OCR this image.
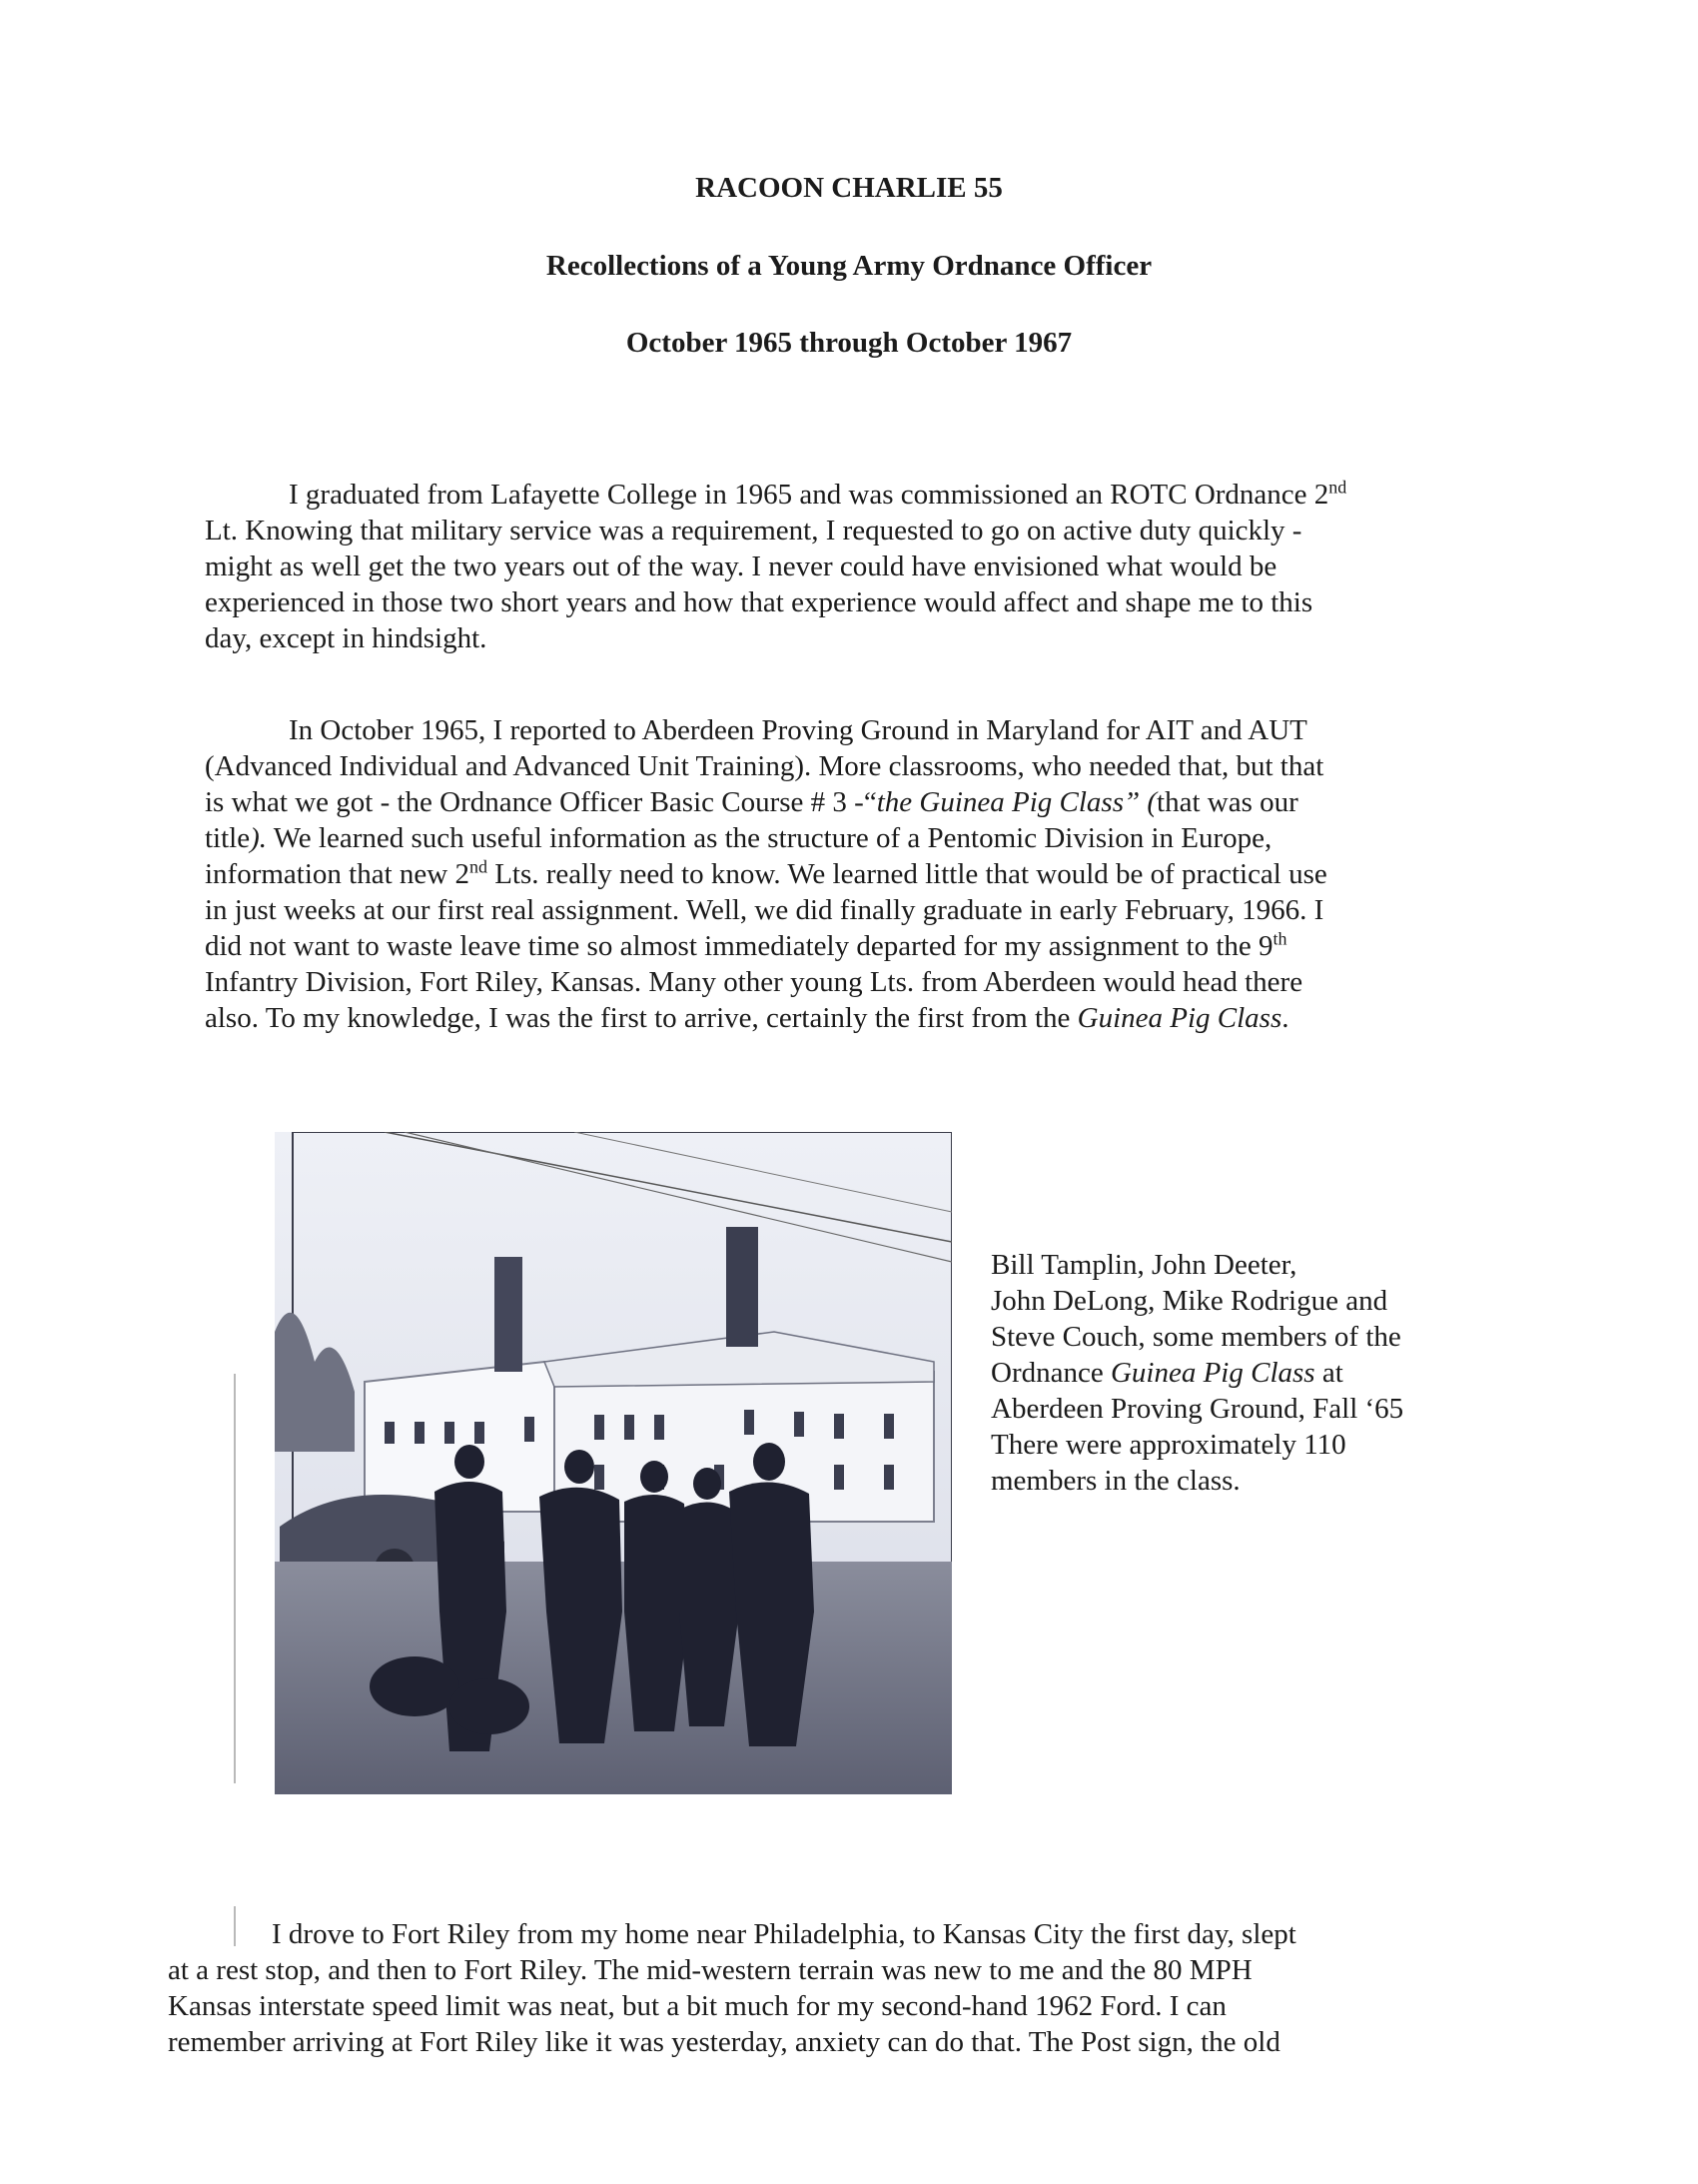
RACOON CHARLIE 55
Recollections of a Young Army Ordnance Officer
October 1965 through October 1967

I graduated from Lafayette College in 1965 and was commissioned an ROTC Ordnance 2nd
Lt. Knowing that military service was a requirement, I requested to go on active duty quickly -
might as well get the two years out of the way. I never could have envisioned what would be
experienced in those two short years and how that experience would affect and shape me to this
day, except in hindsight.

In October 1965, I reported to Aberdeen Proving Ground in Maryland for AIT and AUT
(Advanced Individual and Advanced Unit Training). More classrooms, who needed that, but that
is what we got - the Ordnance Officer Basic Course # 3 -“the Guinea Pig Class” (that was our
title). We learned such useful information as the structure of a Pentomic Division in Europe,
information that new 2nd Lts. really need to know. We learned little that would be of practical use
in just weeks at our first real assignment. Well, we did finally graduate in early February, 1966. I
did not want to waste leave time so almost immediately departed for my assignment to the 9th
Infantry Division, Fort Riley, Kansas. Many other young Lts. from Aberdeen would head there
also. To my knowledge, I was the first to arrive, certainly the first from the Guinea Pig Class.

Bill Tamplin, John Deeter,
John DeLong, Mike Rodrigue and
Steve Couch, some members of the
Ordnance Guinea Pig Class at
Aberdeen Proving Ground, Fall ‘65
There were approximately 110
members in the class.

I drove to Fort Riley from my home near Philadelphia, to Kansas City the first day, slept
at a rest stop, and then to Fort Riley. The mid-western terrain was new to me and the 80 MPH
Kansas interstate speed limit was neat, but a bit much for my second-hand 1962 Ford. I can
remember arriving at Fort Riley like it was yesterday, anxiety can do that. The Post sign, the old
